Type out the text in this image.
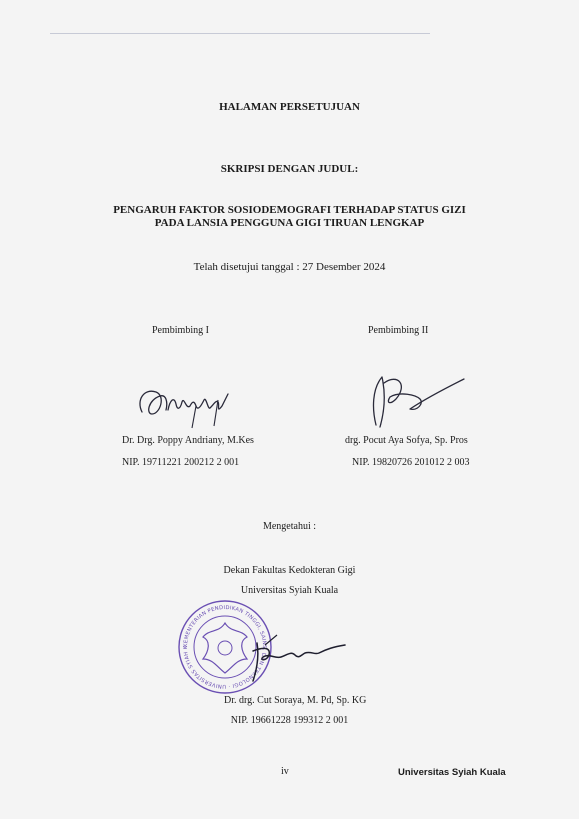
HALAMAN PERSETUJUAN
SKRIPSI DENGAN JUDUL:
PENGARUH FAKTOR SOSIODEMOGRAFI TERHADAP STATUS GIZI
PADA LANSIA PENGGUNA GIGI TIRUAN LENGKAP
Telah disetujui tanggal : 27 Desember 2024
Pembimbing I
Dr. Drg. Poppy Andriany, M.Kes
NIP. 19711221 200212 2 001
Pembimbing II
drg. Pocut Aya Sofya, Sp. Pros
NIP. 19820726 201012 2 003
Mengetahui :
Dekan Fakultas Kedokteran Gigi
Universitas Syiah Kuala
KEMENTERIAN PENDIDIKAN TINGGI, SAINS, DAN TEKNOLOGI · UNIVERSITAS SYIAH KUALA
Dr. drg. Cut Soraya, M. Pd, Sp. KG
NIP. 19661228 199312 2 001
iv	Universitas Syiah Kuala
